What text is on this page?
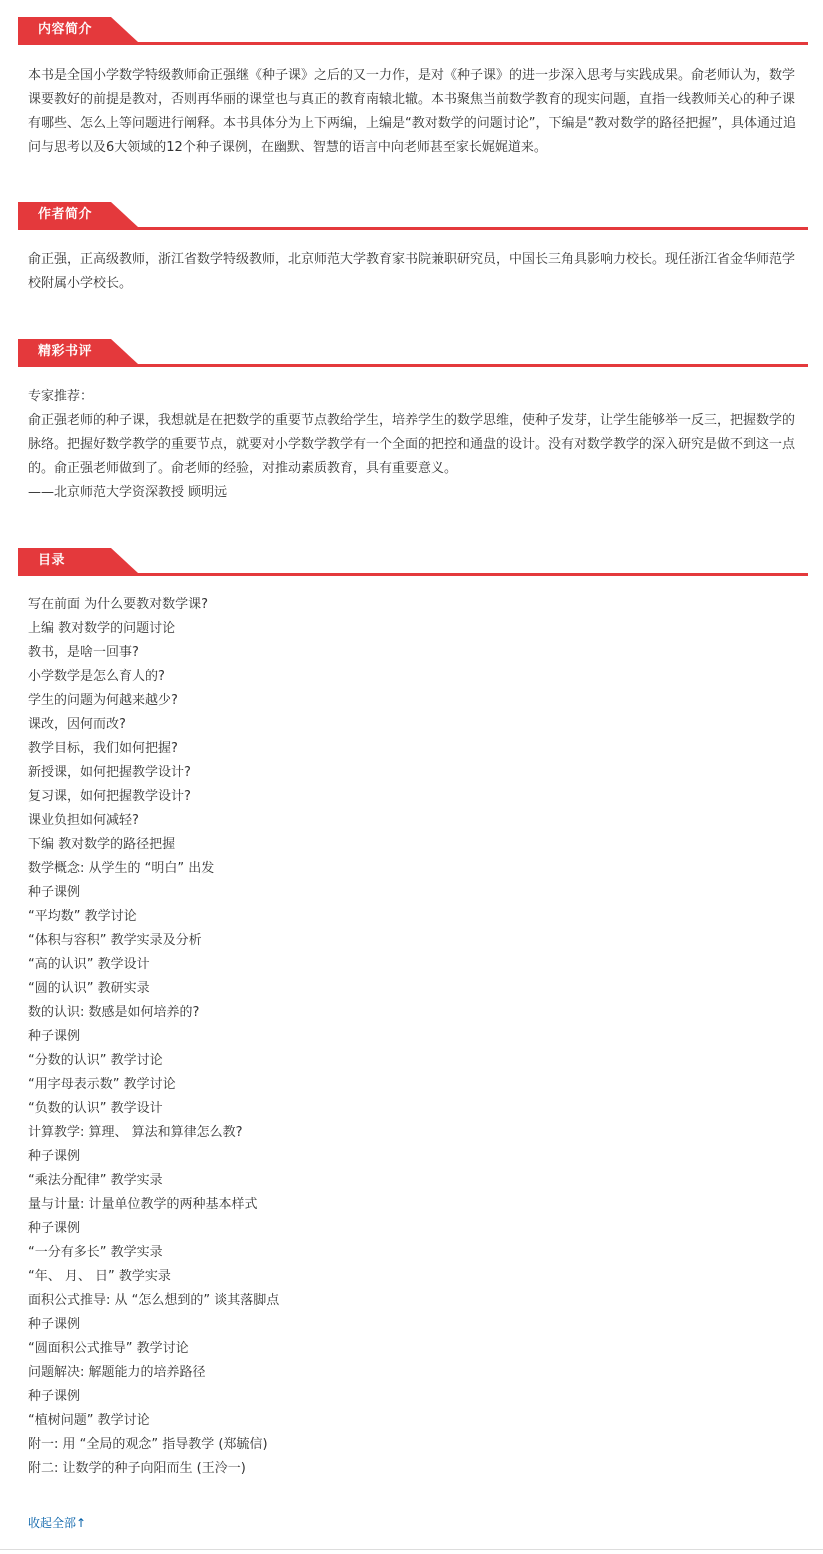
内容简介

本书是全国小学数学特级教师俞正强继《种子课》之后的又一力作，是对《种子课》的进一步深入思考与实践成果。俞老师认为，数学课要教好的前提是教对，否则再华丽的课堂也与真正的教育南辕北辙。本书聚焦当前数学教育的现实问题，直指一线教师关心的种子课有哪些、怎么上等问题进行阐释。本书具体分为上下两编，上编是“教对数学的问题讨论”，下编是“教对数学的路径把握”，具体通过追问与思考以及6大领域的12个种子课例，在幽默、智慧的语言中向老师甚至家长娓娓道来。

作者简介

俞正强，正高级教师，浙江省数学特级教师，北京师范大学教育家书院兼职研究员，中国长三角具影响力校长。现任浙江省金华师范学校附属小学校长。

精彩书评

专家推荐：

俞正强老师的种子课，我想就是在把数学的重要节点教给学生，培养学生的数学思维，使种子发芽，让学生能够举一反三，把握数学的脉络。把握好数学教学的重要节点，就要对小学数学教学有一个全面的把控和通盘的设计。没有对数学教学的深入研究是做不到这一点的。俞正强老师做到了。俞老师的经验，对推动素质教育，具有重要意义。

——北京师范大学资深教授 顾明远

目录
写在前面 为什么要教对数学课?
上编 教对数学的问题讨论
教书，是啥一回事?
小学数学是怎么育人的?
学生的问题为何越来越少?
课改，因何而改?
教学目标，我们如何把握?
新授课，如何把握教学设计?
复习课，如何把握教学设计?
课业负担如何减轻?
下编 教对数学的路径把握
数学概念: 从学生的 “明白” 出发
种子课例
“平均数” 教学讨论
“体积与容积” 教学实录及分析
“高的认识” 教学设计
“圆的认识” 教研实录
数的认识: 数感是如何培养的?
种子课例
“分数的认识” 教学讨论
“用字母表示数” 教学讨论
“负数的认识” 教学设计
计算教学: 算理、 算法和算律怎么教?
种子课例
“乘法分配律” 教学实录
量与计量: 计量单位教学的两种基本样式
种子课例
“一分有多长” 教学实录
“年、 月、 日” 教学实录
面积公式推导: 从 “怎么想到的” 谈其落脚点
种子课例
“圆面积公式推导” 教学讨论
问题解决: 解题能力的培养路径
种子课例
“植树问题” 教学讨论
附一: 用 “全局的观念” 指导教学 (郑毓信)
附二: 让数学的种子向阳而生 (王泠一)
收起全部↑
